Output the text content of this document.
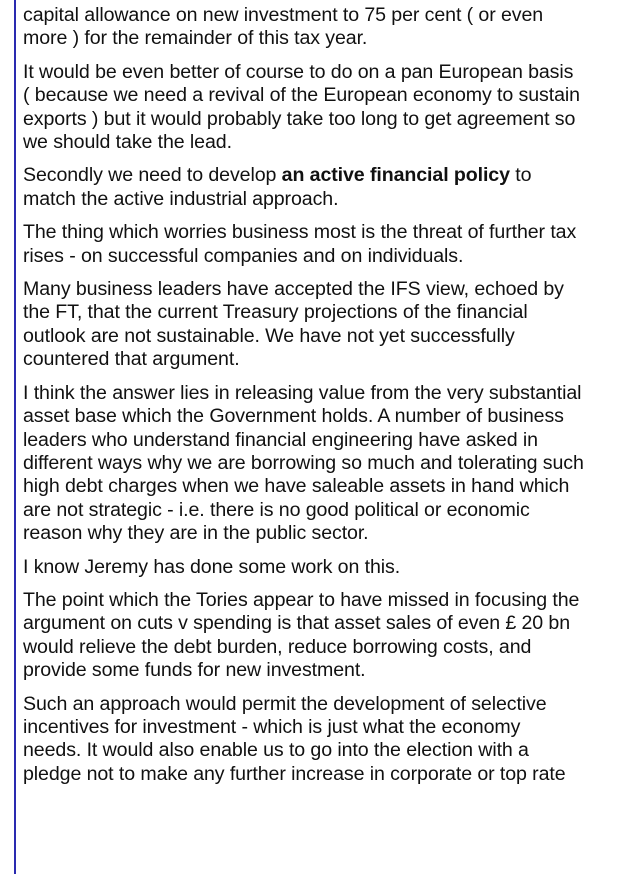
capital allowance on new investment to 75 per cent ( or even
more ) for the remainder of this tax year.

It would be even better of course to do on a pan European basis
( because we need a revival of the European economy to sustain
exports ) but it would probably take too long to get agreement so
we should take the lead.

Secondly we need to develop an active financial policy to
match the active industrial approach.

The thing which worries business most is the threat of further tax
rises - on successful companies and on individuals.

Many business leaders have accepted the IFS view, echoed by
the FT, that the current Treasury projections of the financial
outlook are not sustainable. We have not yet successfully
countered that argument.

I think the answer lies in releasing value from the very substantial
asset base which the Government holds. A number of business
leaders who understand financial engineering have asked in
different ways why we are borrowing so much and tolerating such
high debt charges when we have saleable assets in hand which
are not strategic - i.e. there is no good political or economic
reason why they are in the public sector.

I know Jeremy has done some work on this.

The point which the Tories appear to have missed in focusing the
argument on cuts v spending is that asset sales of even £ 20 bn
would relieve the debt burden, reduce borrowing costs, and
provide some funds for new investment.

Such an approach would permit the development of selective
incentives for investment - which is just what the economy
needs. It would also enable us to go into the election with a
pledge not to make any further increase in corporate or top rate
